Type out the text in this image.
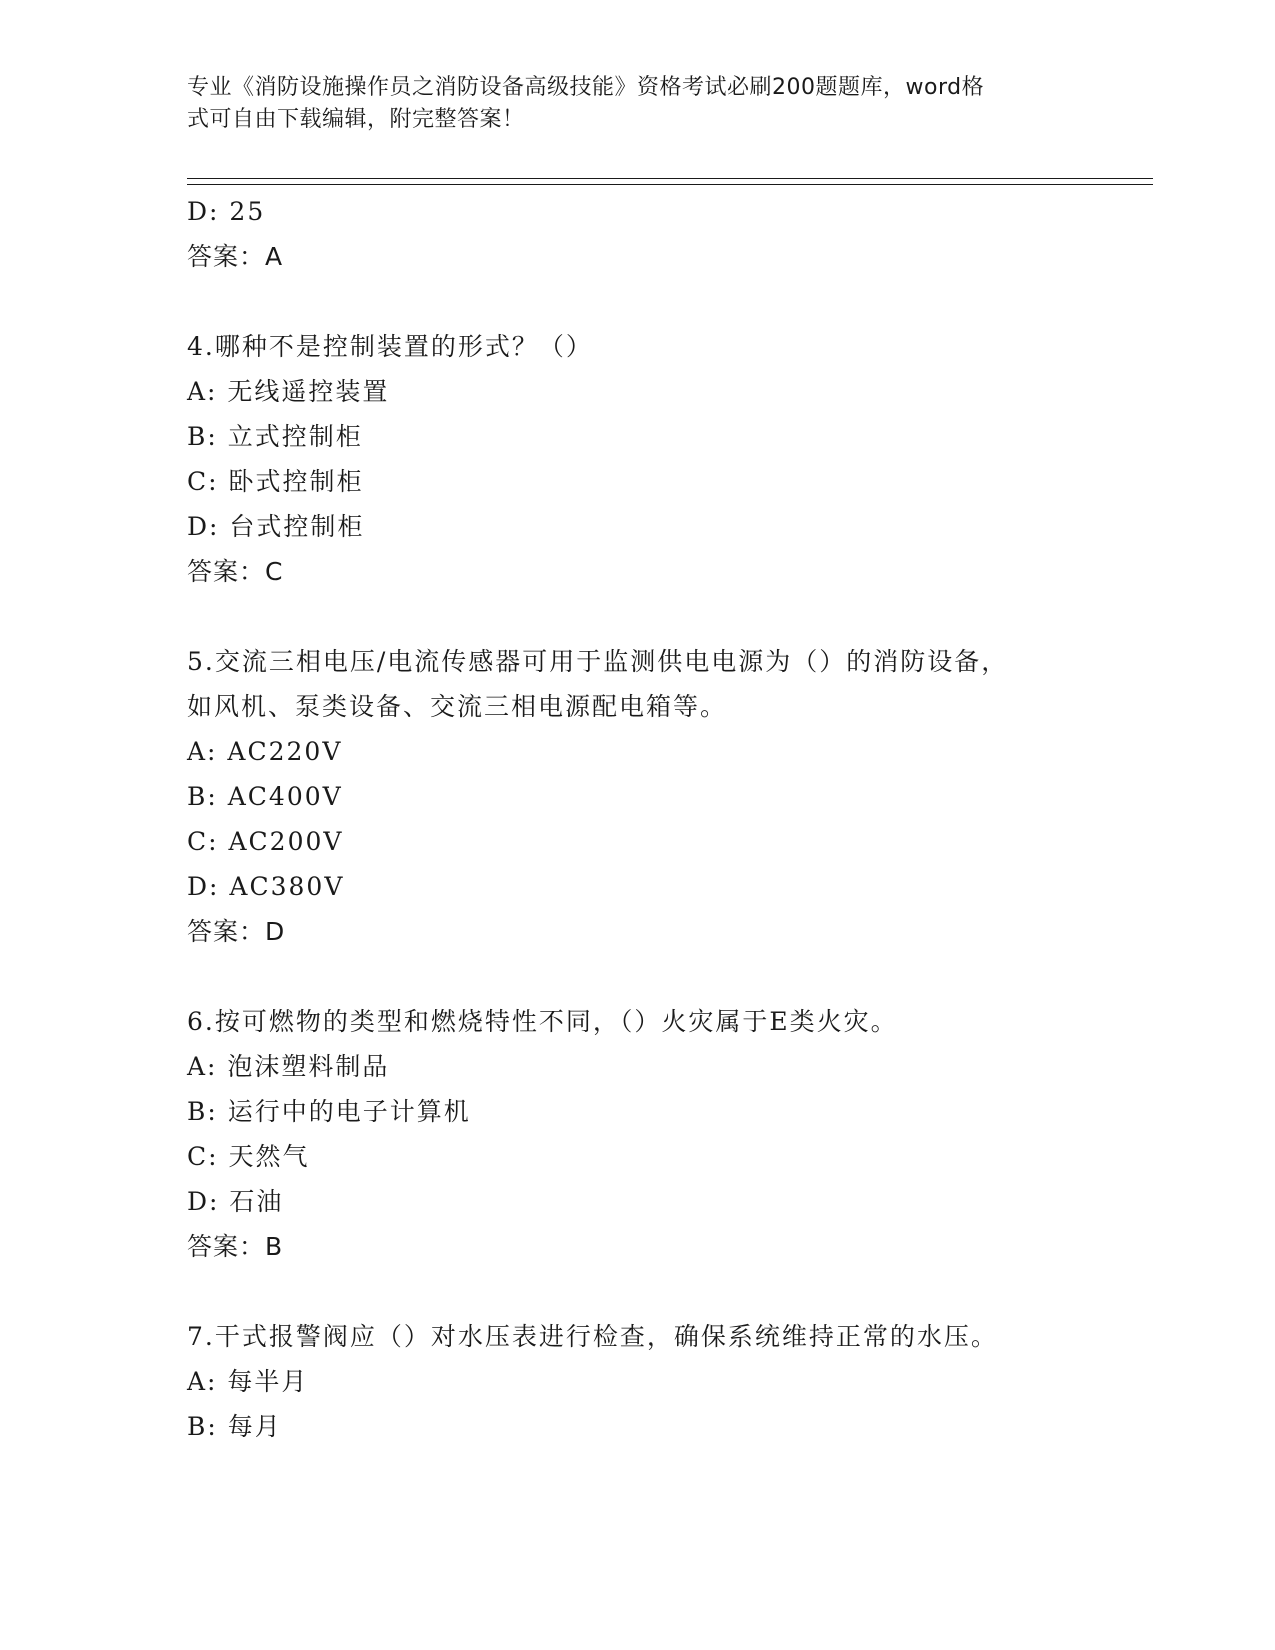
专业《消防设施操作员之消防设备高级技能》资格考试必刷200题题库，word格
式可自由下载编辑，附完整答案！
D: 25
答案：A
4.哪种不是控制装置的形式？（）
A: 无线遥控装置
B: 立式控制柜
C: 卧式控制柜
D: 台式控制柜
答案：C
5.交流三相电压/电流传感器可用于监测供电电源为（）的消防设备，
如风机、泵类设备、交流三相电源配电箱等。
A: AC220V
B: AC400V
C: AC200V
D: AC380V
答案：D
6.按可燃物的类型和燃烧特性不同，（）火灾属于E类火灾。
A: 泡沫塑料制品
B: 运行中的电子计算机
C: 天然气
D: 石油
答案：B
7.干式报警阀应（）对水压表进行检查，确保系统维持正常的水压。
A: 每半月
B: 每月
